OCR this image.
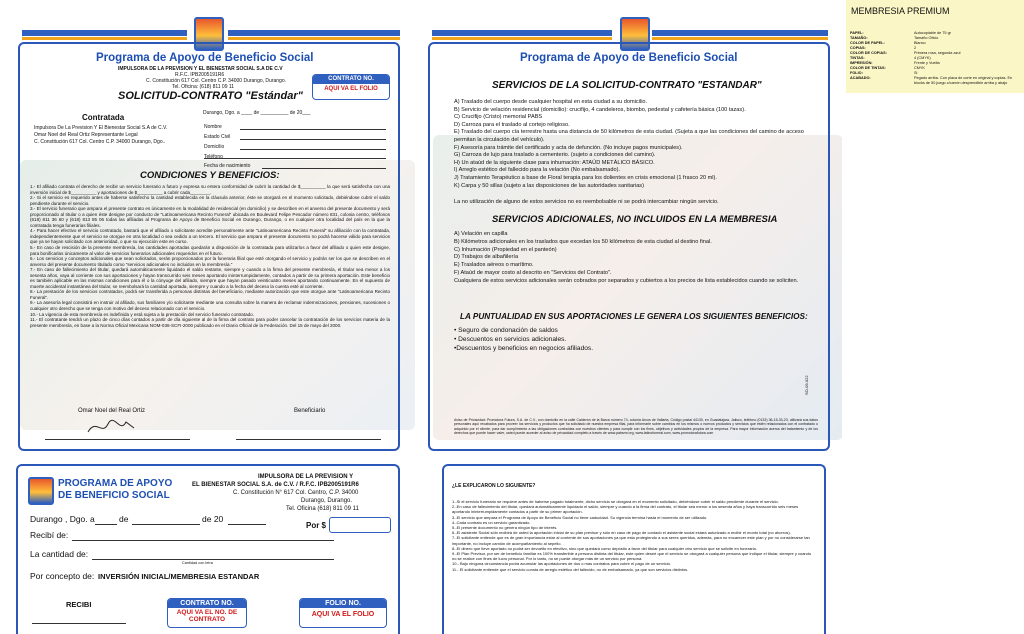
Programa de Apoyo de Beneficio Social
IMPULSORA DE LA PREVISION Y EL BIENESTAR SOCIAL S.A DE C.V
R.F.C. IPB2005191R6
C. Constitución 617 Col. Centro C.P. 34000 Durango, Durango.
Tel. Oficina: (618) 811 09 11
SOLICITUD-CONTRATO "Estándar"
CONTRATO NO.
AQUI VA EL FOLIO
Durango, Dgo. a ____ de __________ de 20___
Contratada
Impulsora De La Prevision Y El Bienestar Social S.A de C.V.
Omar Noel del Real Ortiz Representante Legal
C. Constitución 617 Col. Centro C.P. 34000 Durango, Dgo..
Nombre
Estado Civil
Domicilio
Teléfono
Fecha de nacimiento
CONDICIONES Y BENEFICIOS:
1.- El afiliado contrata el derecho de recibir un servicio funerario a futuro y expresa su entera conformidad de cubrir la cantidad de $__________ la que será satisfecha con una inversión inicial de $__________ y aportaciones de $__________ a cubrir cada________.
2.- Si el servicio es requerido antes de haberse satisfecho la cantidad establecida en la cláusula anterior, éste se otorgará en el momento solicitado, debiéndose cubrir el saldo pendiente durante el servicio.
3.- El servicio funerario que ampara el presente contrato es únicamente en la modalidad de residencial (en domicilio) y se describen en el anverso del presente documento y será proporcionado al titular o a quien éste designe por conducto de "Latinoamericana Recinto Funeral" ubicada en Boulevard Felipe Pescador número 831, colonia centro, teléfonos (618) 811 36 60 y (618) 813 85 06 todas las afiliadas al Programa de Apoyo de Beneficio Social en Durango, Durango, o en cualquier otra localidad del país en la que la contratada tenga funerarias filiales.
4.- Para hacer efectivo el servicio contratado, bastará que el afiliado o solicitante acredite personalmente ante "Latinoamericana Recinto Funeral" su afiliación con la contratada, independientemente que el servicio se otorgue en otra localidad o sea cedido a un tercero. El servicio que ampara el presente documento no podrá hacerse válido para servicios que ya se hayan solicitado con anterioridad, o que su ejecución este en curso.
5.- En caso de rescisión de la presente membresía, las cantidades aportadas quedarán a disposición de la contratada para utilizarlos a favor del afiliado o quien este designe, para bonificarlas únicamente al valor de servicios funerarios adicionales requeridos en el futuro.
6.- Los servicios y conceptos adicionales que sean solicitados, serán proporcionados por la funeraria filial que esté otorgando el servicio y podrán ser los que se describen en el anverso del presente documento titulado como "servicios adicionales no incluidos en la membresía."
7.- En caso de fallecimiento del titular, quedará automáticamente liquidado el saldo restante, siempre y cuando a la firma del presente membresía, el titular sea menor a los sesenta años, vaya al corriente con sus aportaciones y hayan transcurrido seis meses aportando ininterrumpidamente, contados a partir de su primera aportación. Este beneficio es también aplicable en las mismas condiciones para él o la cónyuge del afiliado, siempre que hayan pasado veinticuatro meses aportando continuamente. En el supuesto de muerte accidental instantánea del titular, se reembolsará la cantidad aportada, siempre y cuando a la fecha del deceso la cuenta esté al corriente.
8.- La prestación de los servicios contratados, podrá ser transferida a personas distintas del beneficiario, mediante autorización que este otorgue ante "Latinoamericana Recinto Funeral".
9.- La asesoría legal consistirá en instruir al afiliado, sus familiares y/o solicitante mediante una consulta sobre la manera de reclamar indemnizaciones, pensiones, sucesiones o cualquier otro derecho que se tenga con motivo del deceso relacionado con el servicio.
10.- La vigencia de esta membresía es indefinida y está sujeta a la prestación del servicio funerario contratado.
11.- El contratante tendrá un plazo de cinco días contados a partir de día siguiente al de la firma del contrato para poder cancelar la contratación de los servicios materia de la presente membresía, en base a la Norma Oficial Mexicana NOM-036-SCFI-2000 publicado en el Diario Oficial de la Federación. Del 15 de mayo del 2000.
Omar Noel del Real Ortiz	Beneficiario
Programa de Apoyo de Beneficio Social
SERVICIOS DE LA SOLICITUD-CONTRATO "ESTANDAR"
A) Traslado del cuerpo desde cualquier hospital en esta ciudad a su domicilio.
B) Servicio de velación residencial (domicilio): crucifijo, 4 candeleros, biombo, pedestal y cafetería básica (100 tazas).
C) Crucifijo (Cristo) memorial PABS
D) Carroza para el traslado al cortejo religioso.
E) Traslado del cuerpo cía terrestre hasta una distancia de 50 kilómetros de esta ciudad. (Sujeta a que las condiciones del camino de acceso permitan la circulación del vehículo).
F) Asesoría para trámite del certificado y acta de defunción. (No incluye pagos municipales).
G) Carroza de lujo para traslado a cementerio. (sujeto a condiciones del camino).
H) Un ataúd de la siguiente clase para inhumación: ATAÚD METÁLICO BÁSICO.
I) Arreglo estético del fallecido para la velación (No embalsamado).
J) Tratamiento Terapéutico a base de Floral terapia para los dolientes en crisis emocional (1 frasco 20 ml).
K) Carpa y 50 sillas (sujeto a las disposiciones de las autoridades sanitarias)
La no utilización de alguno de estos servicios no es reembolsable ni se podrá intercambiar ningún servicio.
SERVICIOS ADICIONALES, NO INCLUIDOS EN LA MEMBRESIA
A) Velación en capilla
B) Kilómetros adicionales en los traslados que excedan los 50 kilómetros de esta ciudad al destino final.
C) Inhumación (Propiedad en el panteón)
D) Trabajos de albañilería
E) Traslados aéreos o marítimo.
F) Ataúd de mayor costo al descrito en "Servicios del Contrato".
Cualquiera de estos servicios adicionales serán cobrados por separados y cubiertos a los precios de lista establecidos cuando se soliciten.
LA PUNTUALIDAD EN SUS APORTACIONES LE GENERA LOS SIGUIENTES BENEFICIOS:
• Seguro de condonación de saldos
• Descuentos en servicios adicionales.
•Descuentos y beneficios en negocios afiliados.
SO-09-022
Aviso de Privacidad: Promotora Futura, S.A. de C.V., con domicilio en la calle Calderón de la Barca número 74, colonia Arcos de Vallarta, Código postal 44130, en Guadalajara, Jalisco, teléfono (0133) 36-15-33-23, utilizará sus datos personales aquí recabados para proveer los servicios y productos que ha solicitado de nuestra empresa filial, para informarle sobre cambios en los mismos o nuevos productos y servicios que estén relacionados con el contratado o adquirido por el cliente; para dar cumplimiento a las obligaciones contraídas con nuestros clientes y para cumplir con los fines, objetivos y actividades propios de la empresa. Para mayor información acerca del tratamiento y de los derechos que puede hacer valer, usted puede acceder al aviso de privacidad completo a través de www.pabsmr.org, www.latinofuneral.com, www.promotorafutura.com
MEMBRESIA PREMIUM
PAPEL:	Autocopiable de 75 gr
TAMAÑO:	Tamaño Oficio
COLOR DE PAPEL:	Blanco
COPIAS:	2
COLOR DE COPIAS:	Primera rosa, segunda azul
TINTAS:	4 (CMYK)
IMPRESIÓN:	Frente y Vuelta
COLOR DE TINTAS:	CMYK
FOLIO:	Si
ACABADO:	Pegado arriba. Con placa de corte en original y copias. En blocks de 50 juego c/carrón desprendible arriba y abajo
PROGRAMA DE APOYO
DE BENEFICIO SOCIAL
IMPULSORA DE LA PREVISION Y
EL BIENESTAR SOCIAL S.A. de C.V. / R.F.C. IPB2005191R6
C. Constitución N° 617 Col. Centro, C.P. 34000
Durango, Durango.
Tel. Oficina (618) 811 09 11
Durango , Dgo. a	de	de 20
Por $
Recibí de:
La cantidad de:
Cantidad con letra
Por concepto de: INVERSIÓN INICIAL/MEMBRESIA ESTANDAR
RECIBI	CONTRATO NO.
AQUI VA EL NO. DE CONTRATO
FOLIO NO.
AQUI VA EL FOLIO
¿LE EXPLICARON LO SIGUIENTE?
1.-Si el servicio funerario se requiere antes de haberse pagado totalmente, dicho servicio se otorgará en el momento solicitado, debiéndose cubrir el saldo pendiente durante el servicio.
2.-En caso de fallecimiento del titular, quedará automáticamente liquidado el saldo, siempre y cuando a la firma del contrato, el titular sea menor a los sesenta años y haya transcurrido seis meses aportando ininterrumpidamente contados a partir de su primer aportación.
3.-El servicio que ampara el Programa de Apoyo de Beneficio Social no tiene caducidad. Su vigencia termina hasta el momento de ser utilizado.
4.-Cada contrato es un servicio garantizado.
5.-El presente documento no genera ningún tipo de interés.
6.-El asistente Social sólo recibirá de usted la aportación inicial de su plan previsor y sólo en caso de pago de contado el asistente social estará autorizado a recibir el monto total (no ahorros).
7.-El solicitante entiende que es de gran importancia estar al corriente de sus aportaciones ya que esta protegiendo a sus seres queridos, además, para no encarecer este plan y por no considerarse tan importante, no incluye camión de acompañamiento al sepelio.
8.-El dinero que lleve aportado no podrá ser devuelto en efectivo, sino que quedará como depósito a favor del titular para cualquier otro servicio que se solicite en funeraria.
9.-El Plan Previsor, por ser de beneficio familiar es 100% transferible a persona distinta del titular, este quien deseé que el servicio se otorgará a cualquier persona que indique el titular, siempre y cuando no se realice con fines de lucro personal. Por lo tanto, no se puede otorgar más de un servicio por persona.
10.- Bajo ninguna circunstancia podrá acumular las aportaciones de dos o mas contratos para cubrir el pago de un servicio.
11.- El solicitante entiende que el servicio consta de arreglo estético del fallecido, no de embalsamado, ya que son servicios distintos.
